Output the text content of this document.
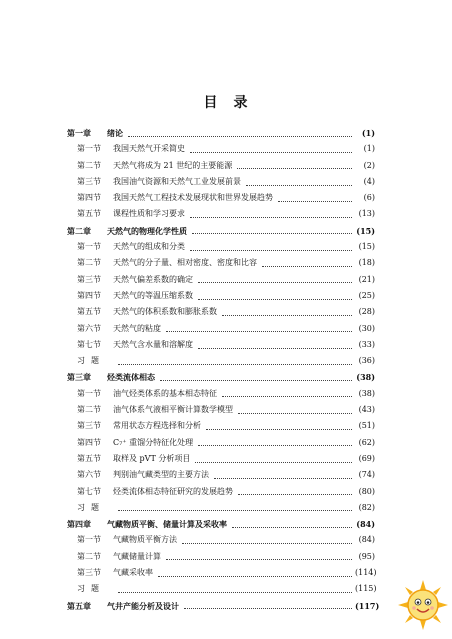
目　录
第一章	绪论	(1)
第一节	我国天然气开采简史	(1)
第二节	天然气将成为 21 世纪的主要能源	(2)
第三节	我国油气资源和天然气工业发展前景	(4)
第四节	我国天然气工程技术发展现状和世界发展趋势	(6)
第五节	课程性质和学习要求	(13)
第二章	天然气的物理化学性质	(15)
第一节	天然气的组成和分类	(15)
第二节	天然气的分子量、相对密度、密度和比容	(18)
第三节	天然气偏差系数的确定	(21)
第四节	天然气的等温压缩系数	(25)
第五节	天然气的体积系数和膨胀系数	(28)
第六节	天然气的粘度	(30)
第七节	天然气含水量和溶解度	(33)
习题	(36)
第三章	烃类流体相态	(38)
第一节	油气烃类体系的基本相态特征	(38)
第二节	油气体系气液相平衡计算数学模型	(43)
第三节	常用状态方程选择和分析	(51)
第四节	C₇⁺ 重馏分特征化处理	(62)
第五节	取样及 pVT 分析项目	(69)
第六节	判别油气藏类型的主要方法	(74)
第七节	烃类流体相态特征研究的发展趋势	(80)
习题	(82)
第四章	气藏物质平衡、储量计算及采收率	(84)
第一节	气藏物质平衡方法	(84)
第二节	气藏储量计算	(95)
第三节	气藏采收率	(114)
习题	(115)
第五章	气井产能分析及设计	(117)
